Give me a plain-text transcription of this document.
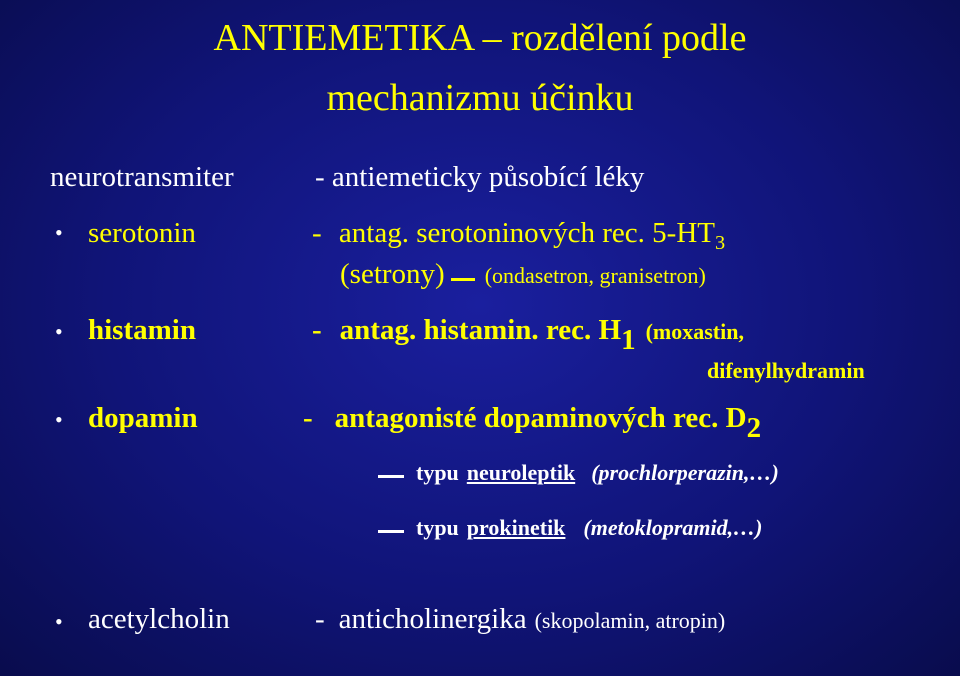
ANTIEMETIKA – rozdělení podle
mechanizmu účinku
neurotransmiter	- antiemeticky působící léky
• serotonin	- antag. serotoninových rec. $5-HT_3$
(setrony) (ondasetron, granisetron)
• histamin	- antag. histamin. rec. $H_1$ (moxastin,
difenylhydramin
• dopamin	- antagonisté dopaminových rec. $D_2$
typu neuroleptik (prochlorperazin,…)
typu prokinetik (metoklopramid,…)
• acetylcholin	- anticholinergika (skopolamin, atropin)
